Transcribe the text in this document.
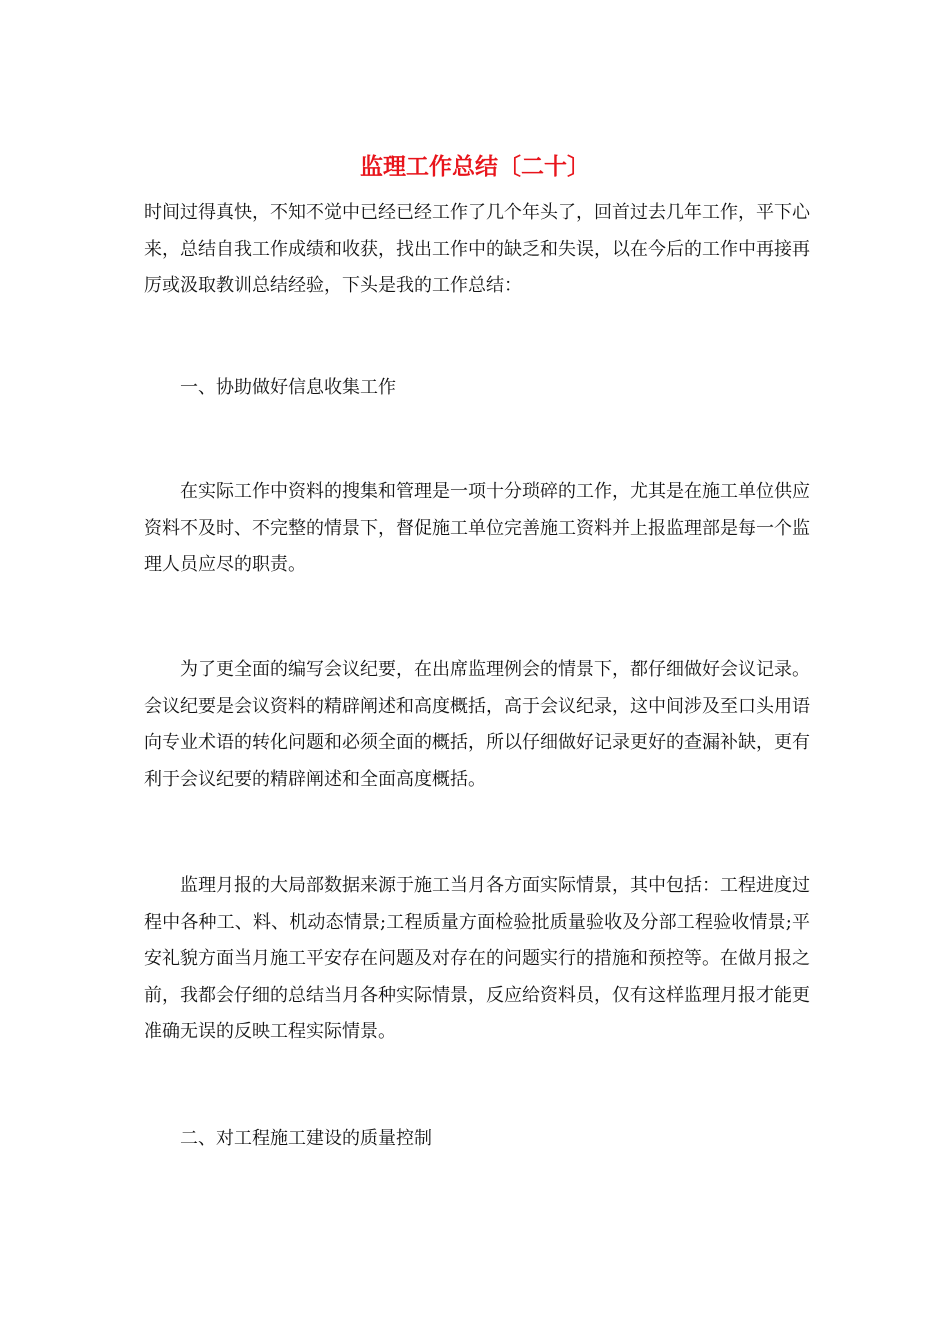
监理工作总结〔二十〕
时间过得真快，不知不觉中已经已经工作了几个年头了，回首过去几年工作，平下心来，总结自我工作成绩和收获，找出工作中的缺乏和失误，以在今后的工作中再接再厉或汲取教训总结经验，下头是我的工作总结：
一、协助做好信息收集工作
在实际工作中资料的搜集和管理是一项十分琐碎的工作，尤其是在施工单位供应资料不及时、不完整的情景下，督促施工单位完善施工资料并上报监理部是每一个监理人员应尽的职责。
为了更全面的编写会议纪要，在出席监理例会的情景下，都仔细做好会议记录。会议纪要是会议资料的精辟阐述和高度概括，高于会议纪录，这中间涉及至口头用语向专业术语的转化问题和必须全面的概括，所以仔细做好记录更好的查漏补缺，更有利于会议纪要的精辟阐述和全面高度概括。
监理月报的大局部数据来源于施工当月各方面实际情景，其中包括：工程进度过程中各种工、料、机动态情景;工程质量方面检验批质量验收及分部工程验收情景;平安礼貌方面当月施工平安存在问题及对存在的问题实行的措施和预控等。在做月报之前，我都会仔细的总结当月各种实际情景，反应给资料员，仅有这样监理月报才能更准确无误的反映工程实际情景。
二、对工程施工建设的质量控制
